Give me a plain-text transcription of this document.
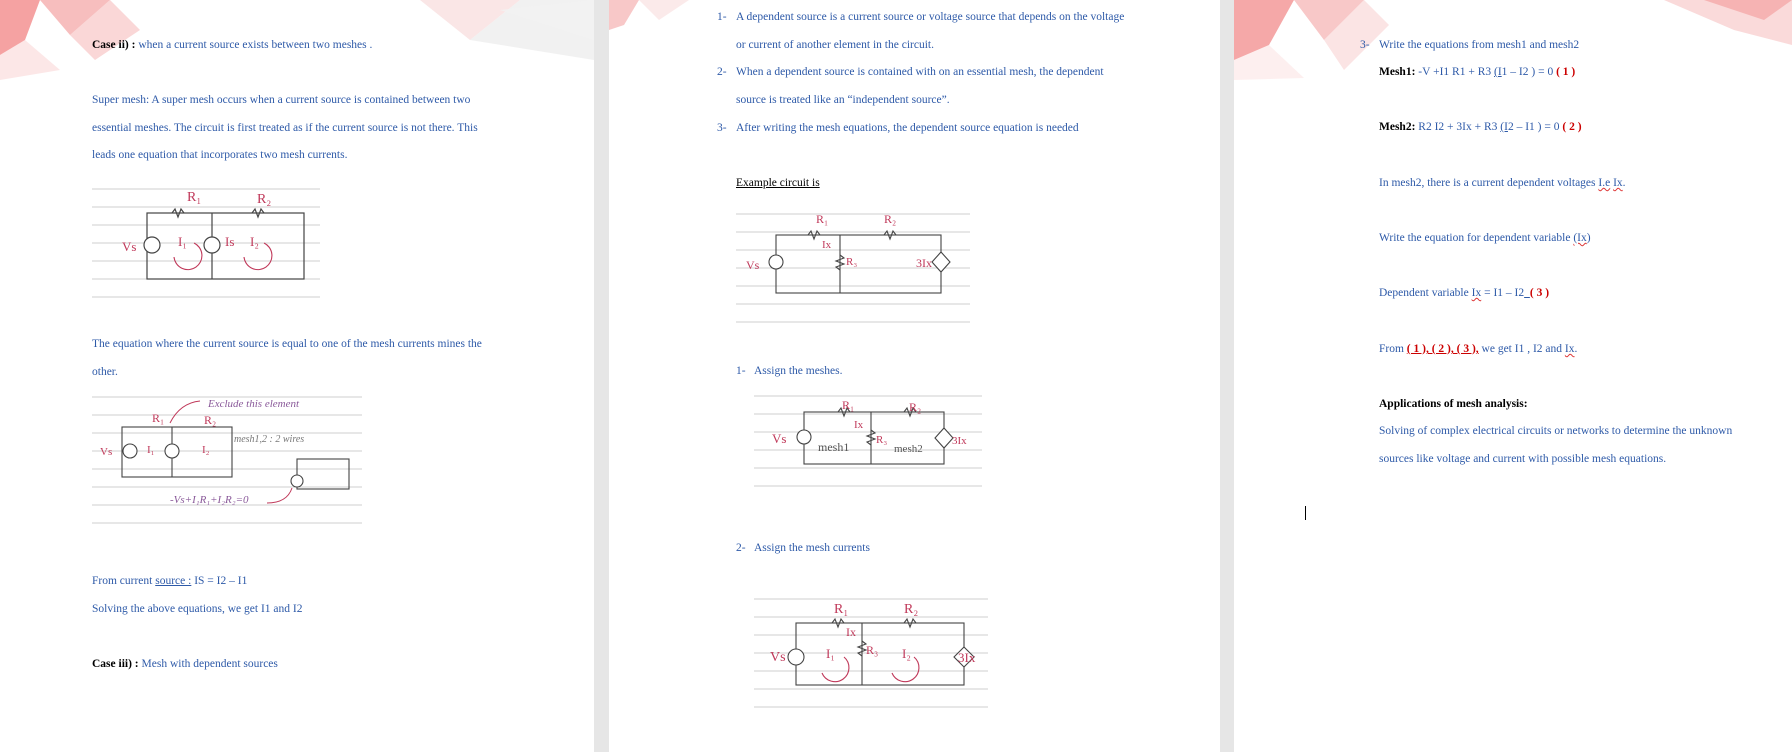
Case ii) : when a current source exists between two meshes .
Super mesh: A super mesh occurs when a current source is contained between two
essential meshes. The circuit is first treated as if the current source is not there. This
leads one equation that incorporates two mesh currents.
R₁	R₂
Vs	I₁	Is I₂
The equation where the current source is equal to one of the mesh currents mines the
other.
Exclude this element
R₁	R₂
Vs	I₁	I₂
mesh1,2 : 2 wires
-Vs+I₁R₁+I₂R₂=0
From current source : IS = I2 – I1
Solving the above equations, we get I1 and I2
Case iii) : Mesh with dependent sources
1- A dependent source is a current source or voltage source that depends on the voltage
or current of another element in the circuit.
2- When a dependent source is contained with on an essential mesh, the dependent
source is treated like an “independent source”.
3- After writing the mesh equations, the dependent source equation is needed
Example circuit is
R₁	R₂
Ix
R₃
Vs	3Ix
1- Assign the meshes.
R₁	R₂
Ix
R₃
Vs
mesh1	mesh2
3Ix
2- Assign the mesh currents
R₁	R₂
Ix
R₃
Vs	I₁	I₂	3Ix
3- Write the equations from mesh1 and mesh2
Mesh1: -V +I1 R1 + R3 (I1 – I2 ) = 0 ( 1 )
Mesh2: R2 I2 + 3Ix + R3 (I2 – I1 ) = 0 ( 2 )
In mesh2, there is a current dependent voltages I.e Ix.
Write the equation for dependent variable (Ix)
Dependent variable Ix = I1 – I2 ( 3 )
From ( 1 ), ( 2 ), ( 3 ), we get I1 , I2 and Ix.
Applications of mesh analysis:
Solving of complex electrical circuits or networks to determine the unknown
sources like voltage and current with possible mesh equations.
